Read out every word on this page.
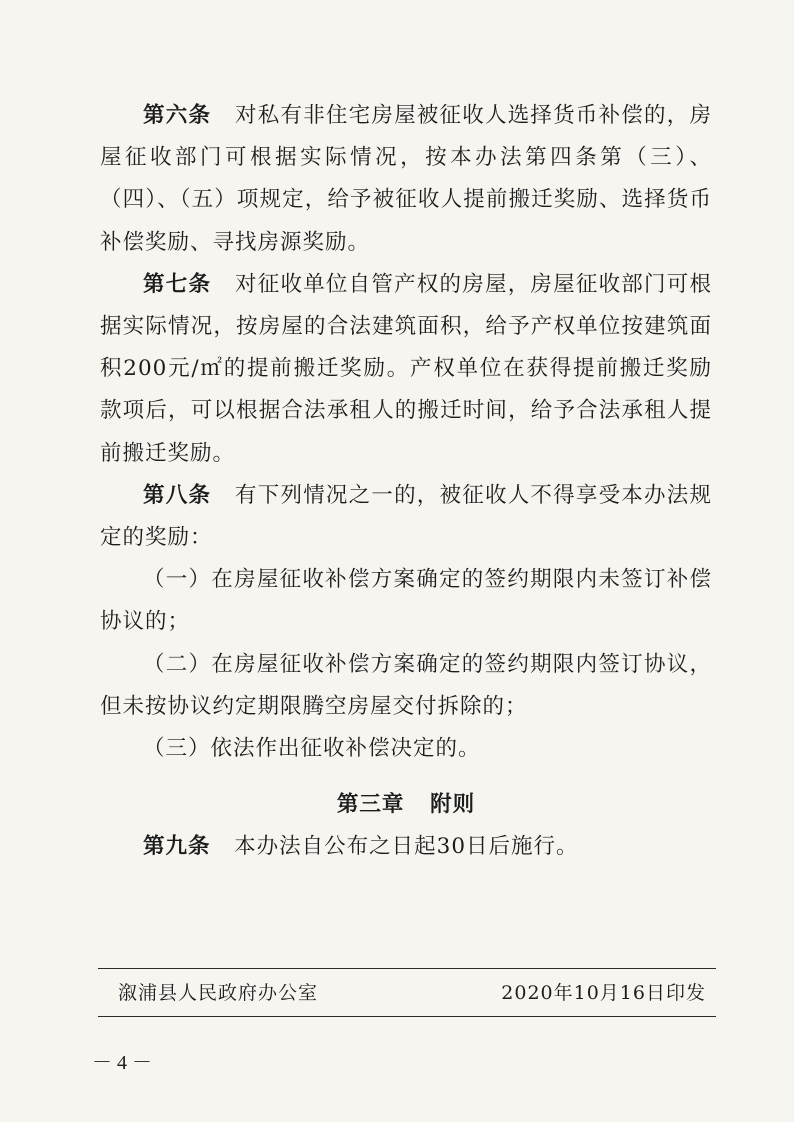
第六条 对私有非住宅房屋被征收人选择货币补偿的，房屋征收部门可根据实际情况，按本办法第四条第（三）、（四）、（五）项规定，给予被征收人提前搬迁奖励、选择货币补偿奖励、寻找房源奖励。

第七条 对征收单位自管产权的房屋，房屋征收部门可根据实际情况，按房屋的合法建筑面积，给予产权单位按建筑面积200元/㎡的提前搬迁奖励。产权单位在获得提前搬迁奖励款项后，可以根据合法承租人的搬迁时间，给予合法承租人提前搬迁奖励。

第八条 有下列情况之一的，被征收人不得享受本办法规定的奖励：

（一）在房屋征收补偿方案确定的签约期限内未签订补偿协议的；

（二）在房屋征收补偿方案确定的签约期限内签订协议，但未按协议约定期限腾空房屋交付拆除的；

（三）依法作出征收补偿决定的。

第三章 附则

第九条 本办法自公布之日起30日后施行。

溆浦县人民政府办公室	2020年10月16日印发
－ 4 －
